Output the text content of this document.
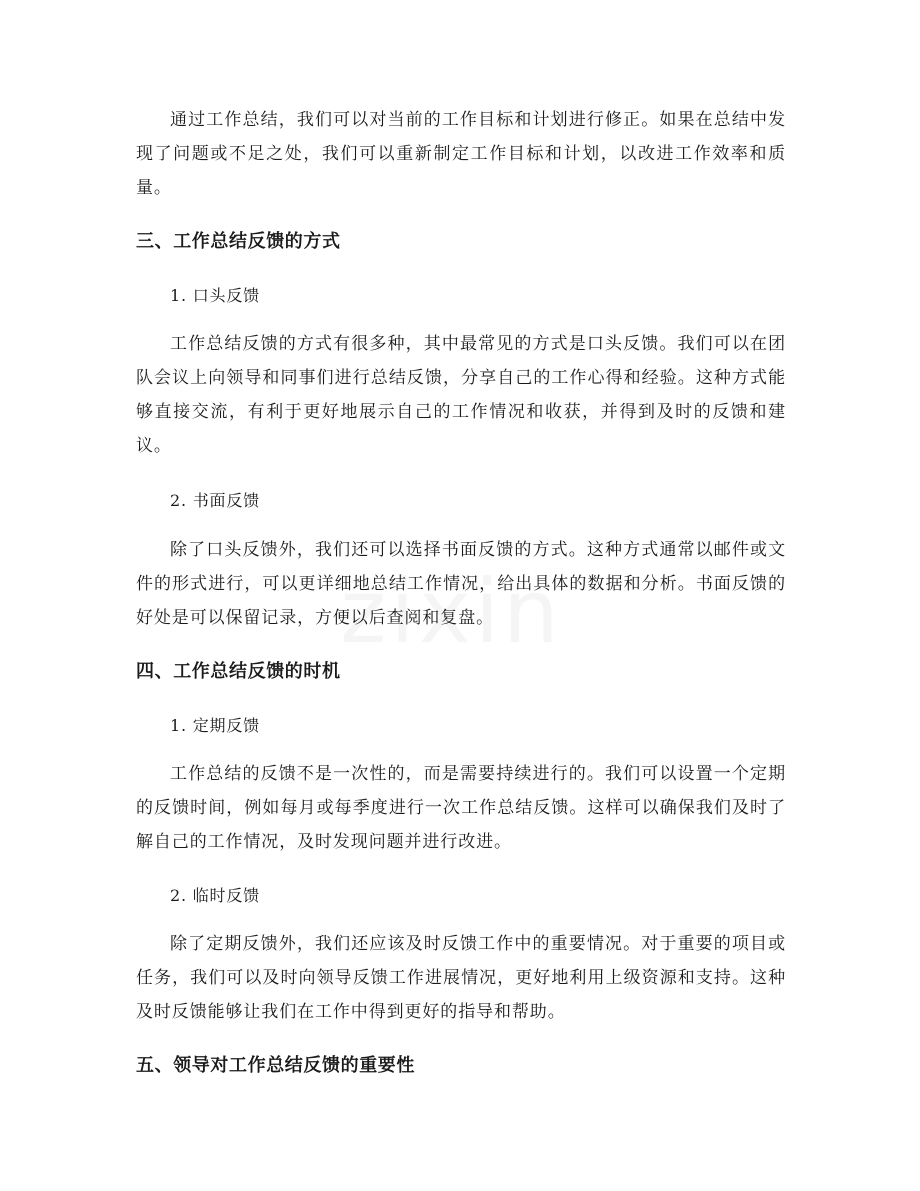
通过工作总结，我们可以对当前的工作目标和计划进行修正。如果在总结中发现了问题或不足之处，我们可以重新制定工作目标和计划，以改进工作效率和质量。

三、工作总结反馈的方式
1. 口头反馈

工作总结反馈的方式有很多种，其中最常见的方式是口头反馈。我们可以在团队会议上向领导和同事们进行总结反馈，分享自己的工作心得和经验。这种方式能够直接交流，有利于更好地展示自己的工作情况和收获，并得到及时的反馈和建议。

2. 书面反馈

除了口头反馈外，我们还可以选择书面反馈的方式。这种方式通常以邮件或文件的形式进行，可以更详细地总结工作情况，给出具体的数据和分析。书面反馈的好处是可以保留记录，方便以后查阅和复盘。

四、工作总结反馈的时机
1. 定期反馈

工作总结的反馈不是一次性的，而是需要持续进行的。我们可以设置一个定期的反馈时间，例如每月或每季度进行一次工作总结反馈。这样可以确保我们及时了解自己的工作情况，及时发现问题并进行改进。

2. 临时反馈

除了定期反馈外，我们还应该及时反馈工作中的重要情况。对于重要的项目或任务，我们可以及时向领导反馈工作进展情况，更好地利用上级资源和支持。这种及时反馈能够让我们在工作中得到更好的指导和帮助。

五、领导对工作总结反馈的重要性
